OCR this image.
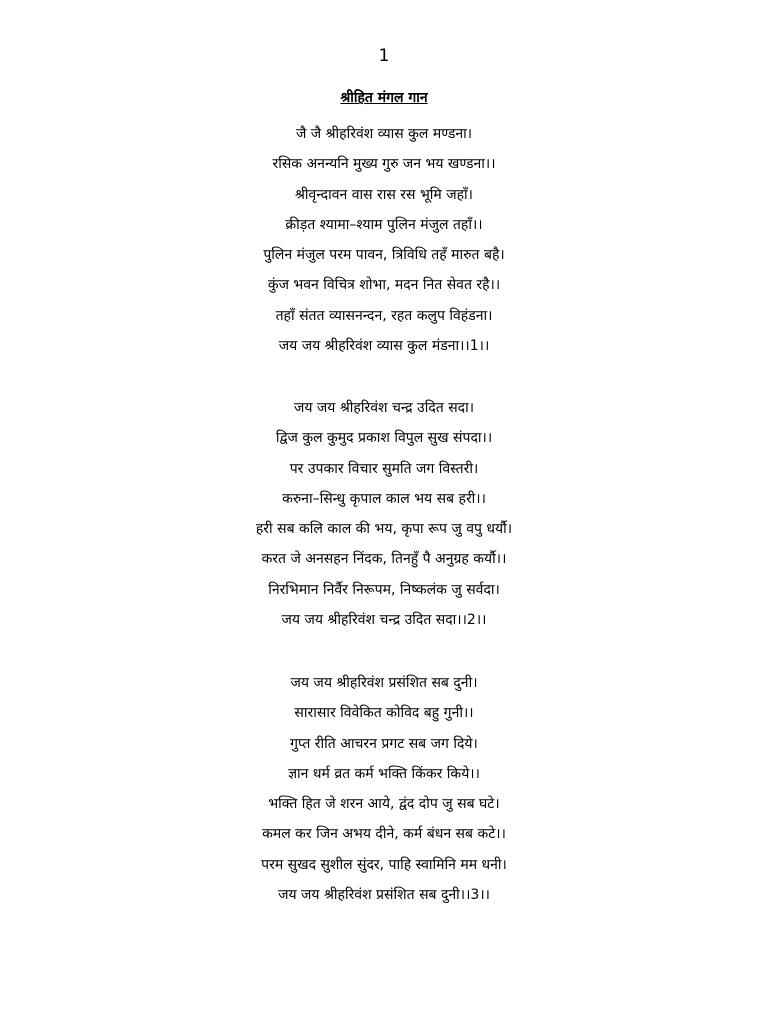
1
श्रीहित मंगल गान
जै जै श्रीहरिवंश व्यास कुल मण्डना।
रसिक अनन्यनि मुख्य गुरु जन भय खण्डना।।
श्रीवृन्दावन वास रास रस भूमि जहाँ।
क्रीड़त श्यामा–श्याम पुलिन मंजुल तहाँ।।
पुलिन मंजुल परम पावन, त्रिविधि तहँ मारुत बहै।
कुंज भवन विचित्र शोभा, मदन नित सेवत रहै।।
तहाँ संतत व्यासनन्दन, रहत कलुप विहंडना।
जय जय श्रीहरिवंश व्यास कुल मंडना।।1।।
जय जय श्रीहरिवंश चन्द्र उदित सदा।
द्विज कुल कुमुद प्रकाश विपुल सुख संपदा।।
पर उपकार विचार सुमति जग विस्तरी।
करुना–सिन्धु कृपाल काल भय सब हरी।।
हरी सब कलि काल की भय, कृपा रूप जु वपु धर्यौ।
करत जे अनसहन निंदक, तिनहुँ पै अनुग्रह कर्यौ।।
निरभिमान निर्वैर निरूपम, निष्कलंक जु सर्वदा।
जय जय श्रीहरिवंश चन्द्र उदित सदा।।2।।
जय जय श्रीहरिवंश प्रसंशित सब दुनी।
सारासार विवेकित कोविद बहु गुनी।।
गुप्त रीति आचरन प्रगट सब जग दिये।
ज्ञान धर्म व्रत कर्म भक्ति किंकर किये।।
भक्ति हित जे शरन आये, द्वंद दोप जु सब घटे।
कमल कर जिन अभय दीने, कर्म बंधन सब कटे।।
परम सुखद सुशील सुंदर, पाहि स्वामिनि मम धनी।
जय जय श्रीहरिवंश प्रसंशित सब दुनी।।3।।
